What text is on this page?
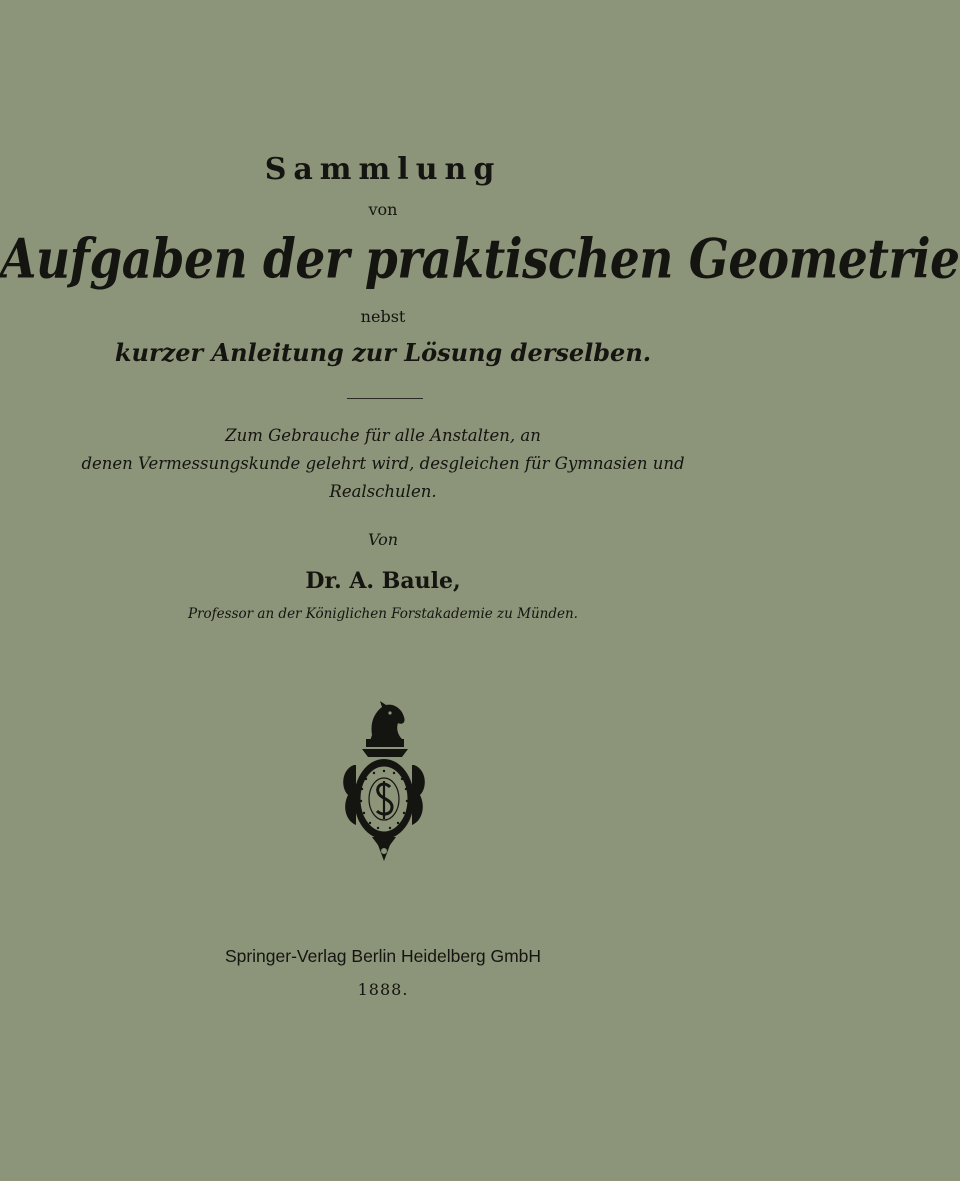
Sammlung
von
Aufgaben der praktischen Geometrie
nebst
kurzer Anleitung zur Lösung derselben.
Zum Gebrauche für alle Anstalten, an
denen Vermessungskunde gelehrt wird, desgleichen für Gymnasien und
Realschulen.
Von
Dr. A. Baule,
Professor an der Königlichen Forstakademie zu Münden.
Springer-Verlag Berlin Heidelberg GmbH
1888.
